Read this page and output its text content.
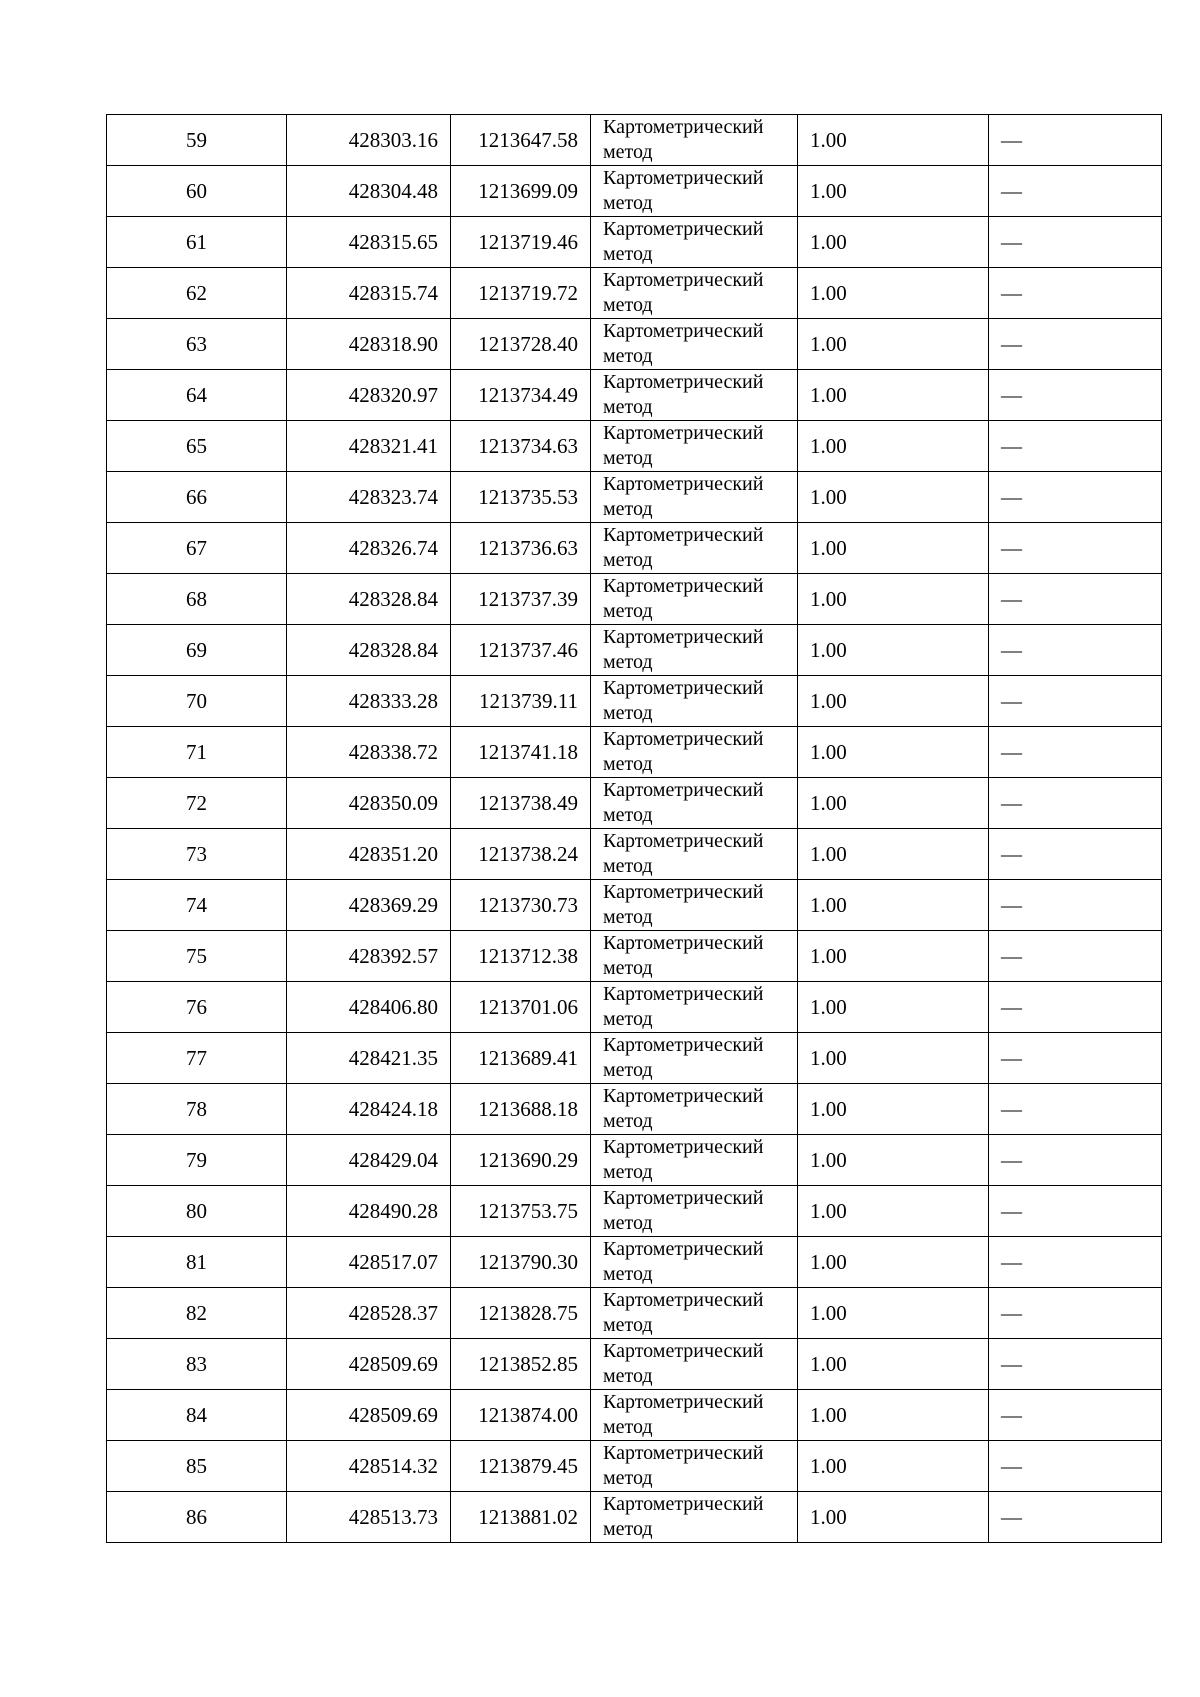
59	428303.16	1213647.58	Картометрический метод	1.00	—
60	428304.48	1213699.09	Картометрический метод	1.00	—
61	428315.65	1213719.46	Картометрический метод	1.00	—
62	428315.74	1213719.72	Картометрический метод	1.00	—
63	428318.90	1213728.40	Картометрический метод	1.00	—
64	428320.97	1213734.49	Картометрический метод	1.00	—
65	428321.41	1213734.63	Картометрический метод	1.00	—
66	428323.74	1213735.53	Картометрический метод	1.00	—
67	428326.74	1213736.63	Картометрический метод	1.00	—
68	428328.84	1213737.39	Картометрический метод	1.00	—
69	428328.84	1213737.46	Картометрический метод	1.00	—
70	428333.28	1213739.11	Картометрический метод	1.00	—
71	428338.72	1213741.18	Картометрический метод	1.00	—
72	428350.09	1213738.49	Картометрический метод	1.00	—
73	428351.20	1213738.24	Картометрический метод	1.00	—
74	428369.29	1213730.73	Картометрический метод	1.00	—
75	428392.57	1213712.38	Картометрический метод	1.00	—
76	428406.80	1213701.06	Картометрический метод	1.00	—
77	428421.35	1213689.41	Картометрический метод	1.00	—
78	428424.18	1213688.18	Картометрический метод	1.00	—
79	428429.04	1213690.29	Картометрический метод	1.00	—
80	428490.28	1213753.75	Картометрический метод	1.00	—
81	428517.07	1213790.30	Картометрический метод	1.00	—
82	428528.37	1213828.75	Картометрический метод	1.00	—
83	428509.69	1213852.85	Картометрический метод	1.00	—
84	428509.69	1213874.00	Картометрический метод	1.00	—
85	428514.32	1213879.45	Картометрический метод	1.00	—
86	428513.73	1213881.02	Картометрический метод	1.00	—
